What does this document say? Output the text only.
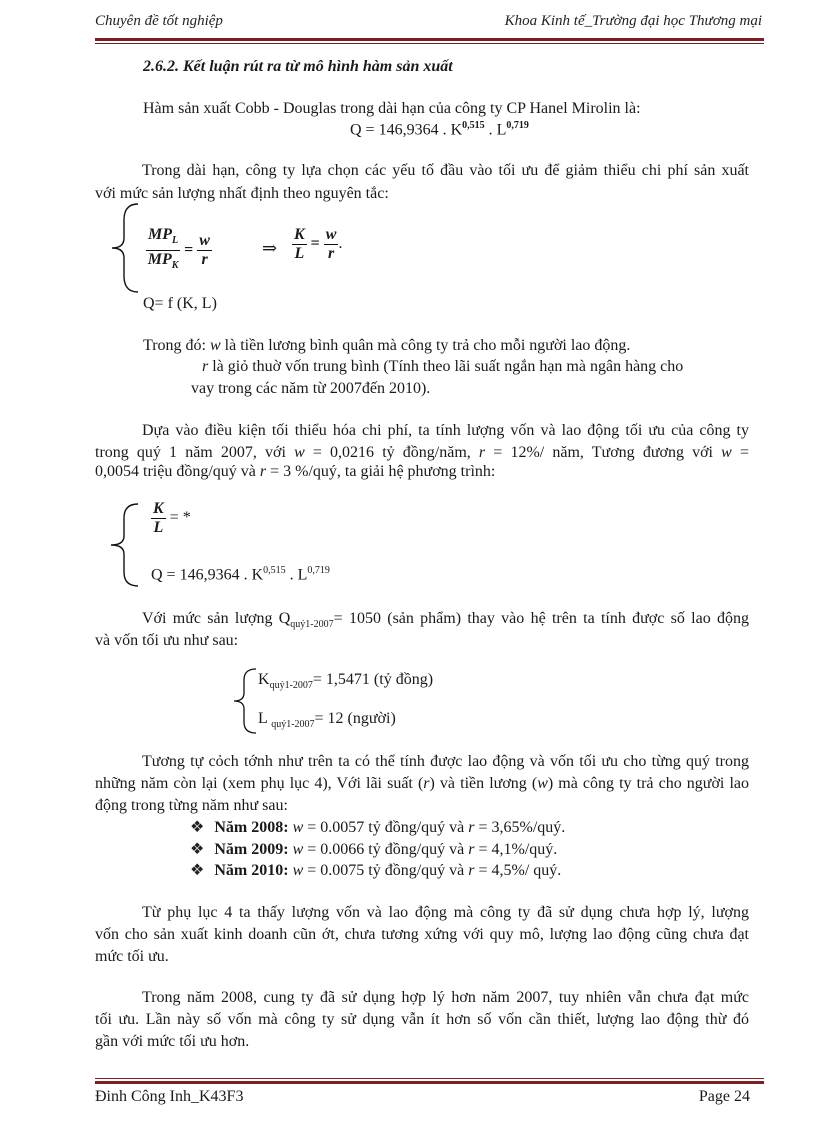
Chuyên đề tốt nghiệp	Khoa Kinh tế_Trường đại học Thương mại
2.6.2. Kết luận rút ra từ mô hình hàm sản xuất
Hàm sản xuất Cobb - Douglas trong dài hạn của công ty CP Hanel Mirolin là:
Q = 146,9364 . K$^{0,515}$ . L$^{0,719}$
Trong dài hạn, công ty lựa chọn các yếu tố đầu vào tối ưu để giảm thiểu chi phí sản xuất
với mức sản lượng nhất định theo nguyên tắc:
$\frac{MP_L}{MP_K} = \frac{w}{r}$	⇒ $\frac{K}{L} = \frac{w}{r}$ .
Q= f (K, L)
Trong đó: w là tiền lương bình quân mà công ty trả cho mỗi người lao động.
r là giỏ thuờ vốn trung bình (Tính theo lãi suất ngắn hạn mà ngân hàng cho
vay trong các năm từ 2007đến 2010).
Dựa vào điều kiện tối thiểu hóa chi phí, ta tính lượng vốn và lao động tối ưu của công ty
trong quý 1 năm 2007, với w = 0,0216 tỷ đồng/năm, r = 12%/ năm, Tương đương với w =
0,0054 triệu đồng/quý và r = 3 %/quý, ta giải hệ phương trình:
$\frac{K}{L}$ = *
Q = 146,9364 . K$^{0,515}$ . L$^{0,719}$
Với mức sản lượng $Q_{quý1-2007}= 1050$ (sản phẩm) thay vào hệ trên ta tính được số lao động
và vốn tối ưu như sau:
$K_{quý1-2007}= 1,5471$ (tỷ đồng)
L $_{quý1-2007}$= 12 (người)
Tương tự cỏch tớnh như trên ta có thể tính được lao động và vốn tối ưu cho từng quý trong
những năm còn lại (xem phụ lục 4), Với lãi suất (r) và tiền lương (w) mà công ty trả cho người lao
động trong từng năm như sau:
❖ Năm 2008: w = 0.0057 tỷ đồng/quý và r = 3,65%/quý.
❖ Năm 2009: w = 0.0066 tỷ đồng/quý và r = 4,1%/quý.
❖ Năm 2010: w = 0.0075 tỷ đồng/quý và r = 4,5%/ quý.
Từ phụ lục 4 ta thấy lượng vốn và lao động mà công ty đã sử dụng chưa hợp lý, lượng
vốn cho sản xuất kinh doanh cũn ớt, chưa tương xứng với quy mô, lượng lao động cũng chưa đạt
mức tối ưu.
Trong năm 2008, cung ty đã sử dụng hợp lý hơn năm 2007, tuy nhiên vẫn chưa đạt mức
tối ưu. Lần này số vốn mà công ty sử dụng vẫn ít hơn số vốn cần thiết, lượng lao động thừ đó
gần với mức tối ưu hơn.
Đinh Công Inh_K43F3	Page 24
